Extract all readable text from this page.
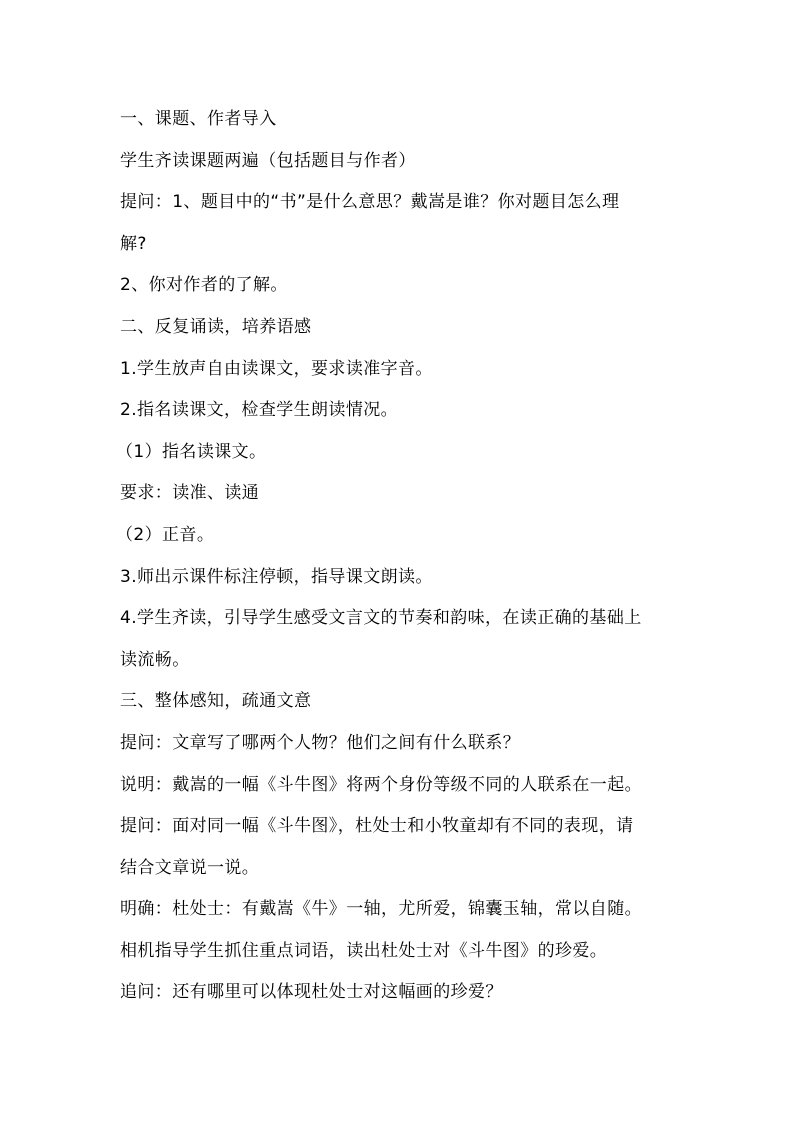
一、课题、作者导入
学生齐读课题两遍（包括题目与作者）
提问：1、题目中的“书”是什么意思？戴嵩是谁？你对题目怎么理
解?
2、你对作者的了解。
二、反复诵读，培养语感
1.学生放声自由读课文，要求读准字音。
2.指名读课文，检查学生朗读情况。
（1）指名读课文。
要求：读准、读通
（2）正音。
3.师出示课件标注停顿，指导课文朗读。
4.学生齐读，引导学生感受文言文的节奏和韵味，在读正确的基础上
读流畅。
三、整体感知，疏通文意
提问：文章写了哪两个人物？他们之间有什么联系？
说明：戴嵩的一幅《斗牛图》将两个身份等级不同的人联系在一起。
提问：面对同一幅《斗牛图》，杜处士和小牧童却有不同的表现，请
结合文章说一说。
明确：杜处士：有戴嵩《牛》一轴，尤所爱，锦囊玉轴，常以自随。
相机指导学生抓住重点词语，读出杜处士对《斗牛图》的珍爱。
追问：还有哪里可以体现杜处士对这幅画的珍爱？
